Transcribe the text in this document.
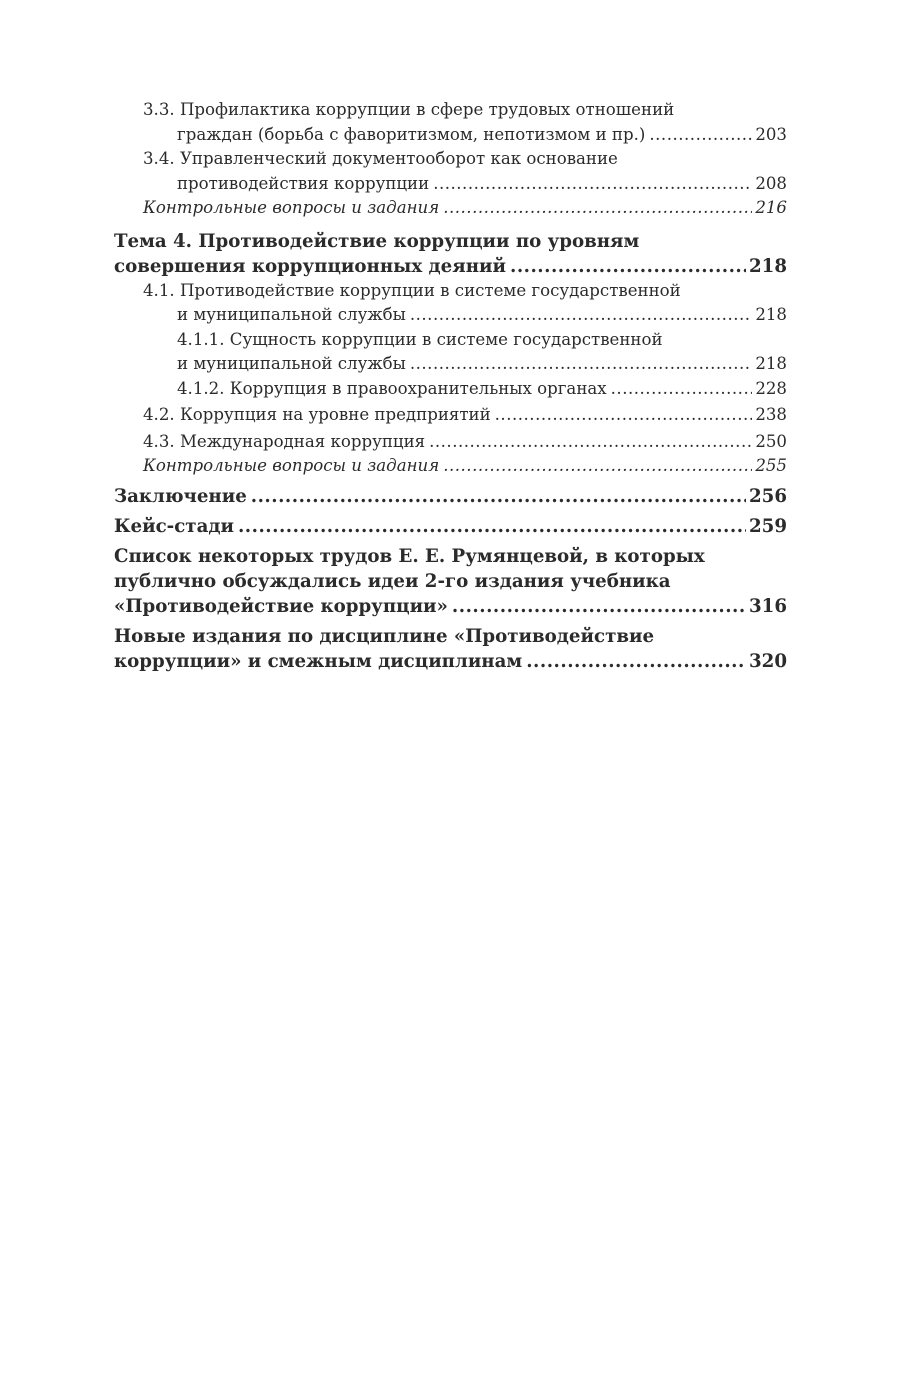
3.3. Профилактика коррупции в сфере трудовых отношений
граждан (борьба с фаворитизмом, непотизмом и пр.) .....	203
3.4. Управленческий документооборот как основание
противодействия коррупции .....	208
Контрольные вопросы и задания .....	216
Тема 4. Противодействие коррупции по уровням
совершения коррупционных деяний .....	218
4.1. Противодействие коррупции в системе государственной
и муниципальной службы .....	218
4.1.1. Сущность коррупции в системе государственной
и муниципальной службы .....	218
4.1.2. Коррупция в правоохранительных органах .....	228
4.2. Коррупция на уровне предприятий .....	238
4.3. Международная коррупция .....	250
Контрольные вопросы и задания .....	255
Заключение .....	256
Кейс-стади .....	259
Список некоторых трудов Е. Е. Румянцевой, в которых
публично обсуждались идеи 2-го издания учебника
«Противодействие коррупции» .....	316
Новые издания по дисциплине «Противодействие
коррупции» и смежным дисциплинам .....	320
